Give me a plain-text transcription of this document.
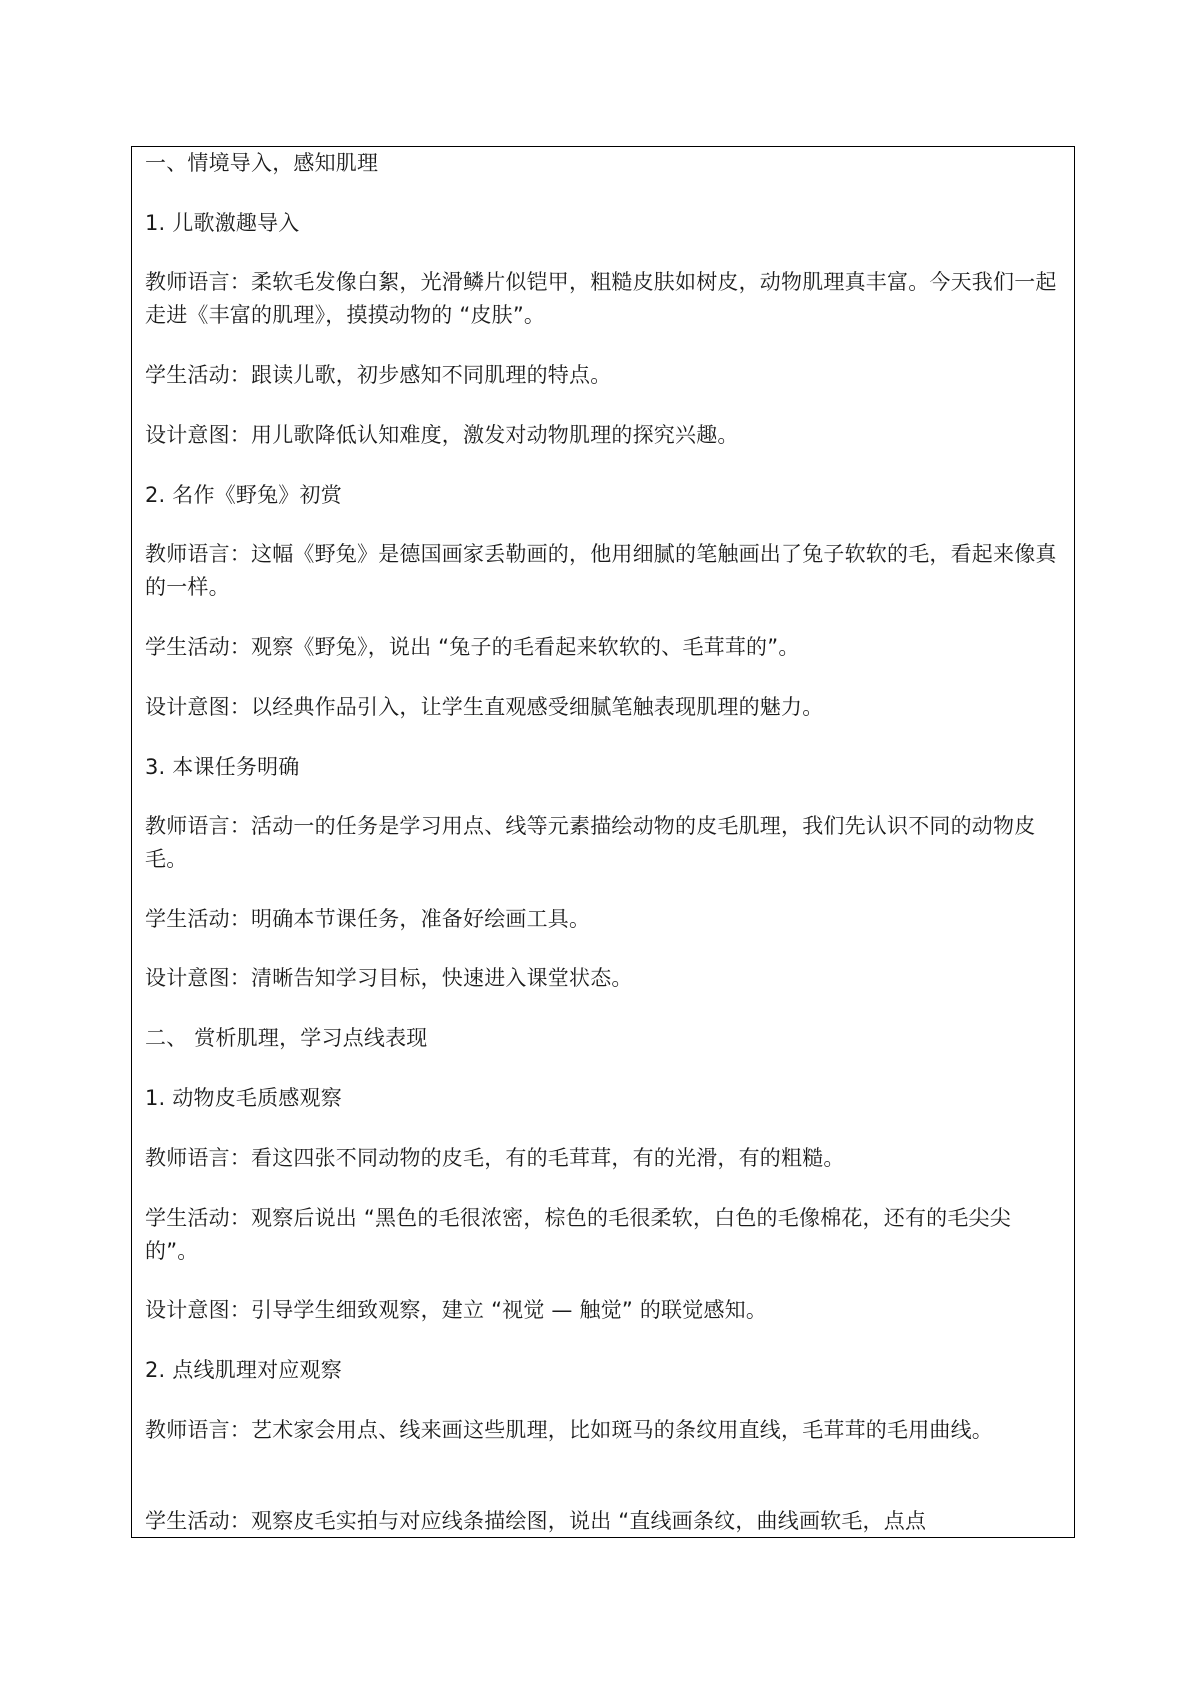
一、情境导入，感知肌理

1. 儿歌激趣导入

教师语言：柔软毛发像白絮，光滑鳞片似铠甲，粗糙皮肤如树皮，动物肌理真丰富。今天我们一起走进《丰富的肌理》，摸摸动物的 “皮肤”。

学生活动：跟读儿歌，初步感知不同肌理的特点。

设计意图：用儿歌降低认知难度，激发对动物肌理的探究兴趣。

2. 名作《野兔》初赏

教师语言：这幅《野兔》是德国画家丢勒画的，他用细腻的笔触画出了兔子软软的毛，看起来像真的一样。

学生活动：观察《野兔》，说出 “兔子的毛看起来软软的、毛茸茸的”。

设计意图：以经典作品引入，让学生直观感受细腻笔触表现肌理的魅力。

3. 本课任务明确

教师语言：活动一的任务是学习用点、线等元素描绘动物的皮毛肌理，我们先认识不同的动物皮毛。

学生活动：明确本节课任务，准备好绘画工具。

设计意图：清晰告知学习目标，快速进入课堂状态。

二、 赏析肌理，学习点线表现

1. 动物皮毛质感观察

教师语言：看这四张不同动物的皮毛，有的毛茸茸，有的光滑，有的粗糙。

学生活动：观察后说出 “黑色的毛很浓密，棕色的毛很柔软，白色的毛像棉花，还有的毛尖尖的”。

设计意图：引导学生细致观察，建立 “视觉 — 触觉” 的联觉感知。

2. 点线肌理对应观察

教师语言：艺术家会用点、线来画这些肌理，比如斑马的条纹用直线，毛茸茸的毛用曲线。

学生活动：观察皮毛实拍与对应线条描绘图，说出 “直线画条纹，曲线画软毛，点点
